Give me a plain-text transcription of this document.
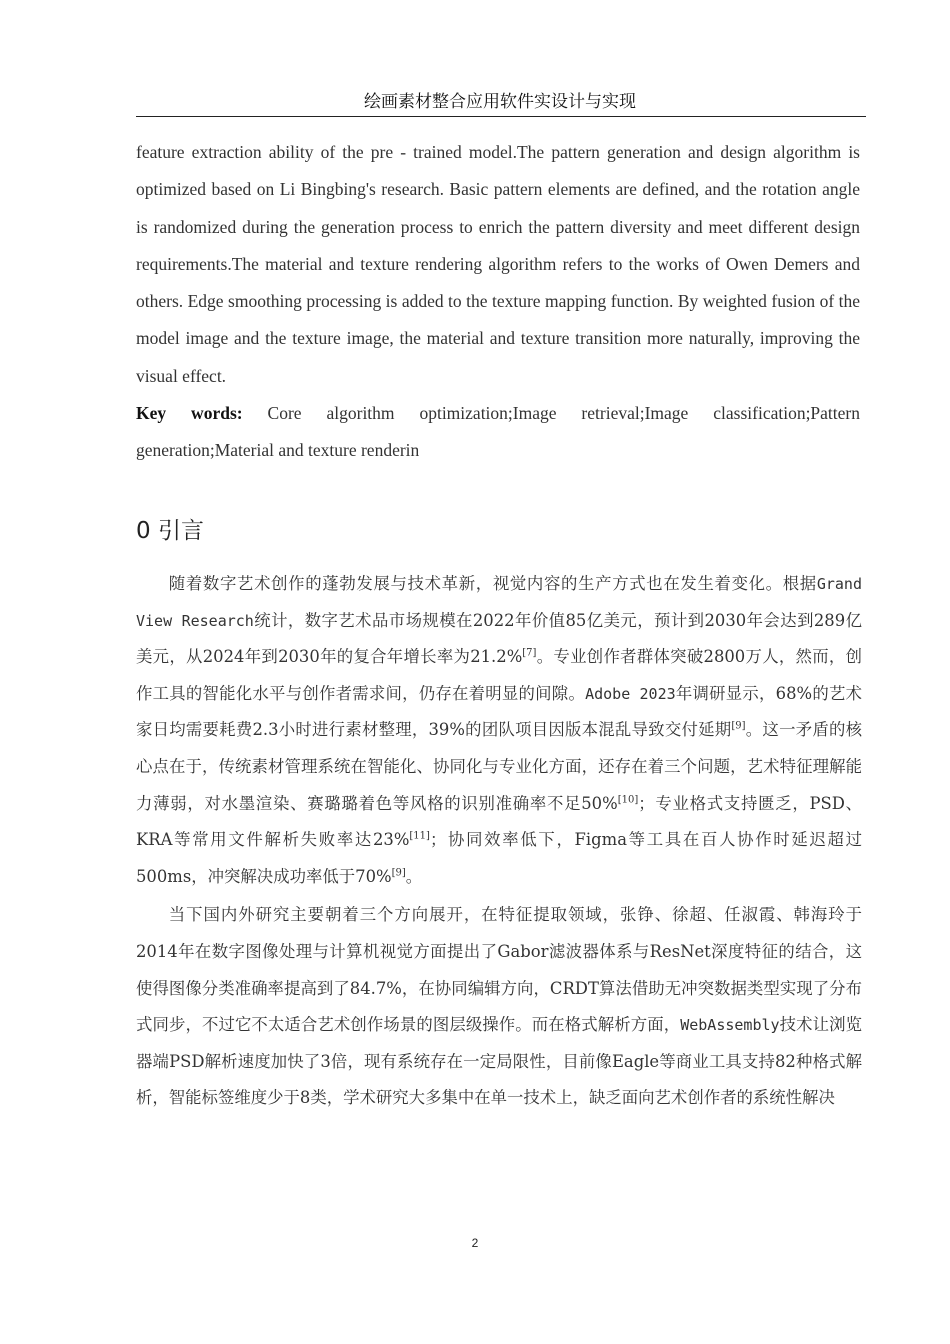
绘画素材整合应用软件实设计与实现

feature extraction ability of the pre - trained model.The pattern generation and design algorithm is optimized based on Li Bingbing's research. Basic pattern elements are defined, and the rotation angle is randomized during the generation process to enrich the pattern diversity and meet different design requirements.The material and texture rendering algorithm refers to the works of Owen Demers and others. Edge smoothing processing is added to the texture mapping function. By weighted fusion of the model image and the texture image, the material and texture transition more naturally, improving the visual effect.

Key words: Core algorithm optimization;Image retrieval;Image classification;Pattern generation;Material and texture renderin

0 引言

随着数字艺术创作的蓬勃发展与技术革新，视觉内容的生产方式也在发生着变化。根据Grand View Research统计，数字艺术品市场规模在2022年价值85亿美元，预计到2030年会达到289亿美元，从2024年到2030年的复合年增长率为21.2%[7]。专业创作者群体突破2800万人，然而，创作工具的智能化水平与创作者需求间，仍存在着明显的间隙。Adobe 2023年调研显示，68%的艺术家日均需要耗费2.3小时进行素材整理，39%的团队项目因版本混乱导致交付延期[9]。这一矛盾的核心点在于，传统素材管理系统在智能化、协同化与专业化方面，还存在着三个问题，艺术特征理解能力薄弱，对水墨渲染、赛璐璐着色等风格的识别准确率不足50%[10]；专业格式支持匮乏，PSD、KRA等常用文件解析失败率达23%[11]；协同效率低下，Figma等工具在百人协作时延迟超过500ms，冲突解决成功率低于70%[9]。

当下国内外研究主要朝着三个方向展开，在特征提取领域，张铮、徐超、任淑霞、韩海玲于2014年在数字图像处理与计算机视觉方面提出了Gabor滤波器体系与ResNet深度特征的结合，这使得图像分类准确率提高到了84.7%，在协同编辑方向，CRDT算法借助无冲突数据类型实现了分布式同步，不过它不太适合艺术创作场景的图层级操作。而在格式解析方面，WebAssembly技术让浏览器端PSD解析速度加快了3倍，现有系统存在一定局限性，目前像Eagle等商业工具支持82种格式解析，智能标签维度少于8类，学术研究大多集中在单一技术上，缺乏面向艺术创作者的系统性解决

2
